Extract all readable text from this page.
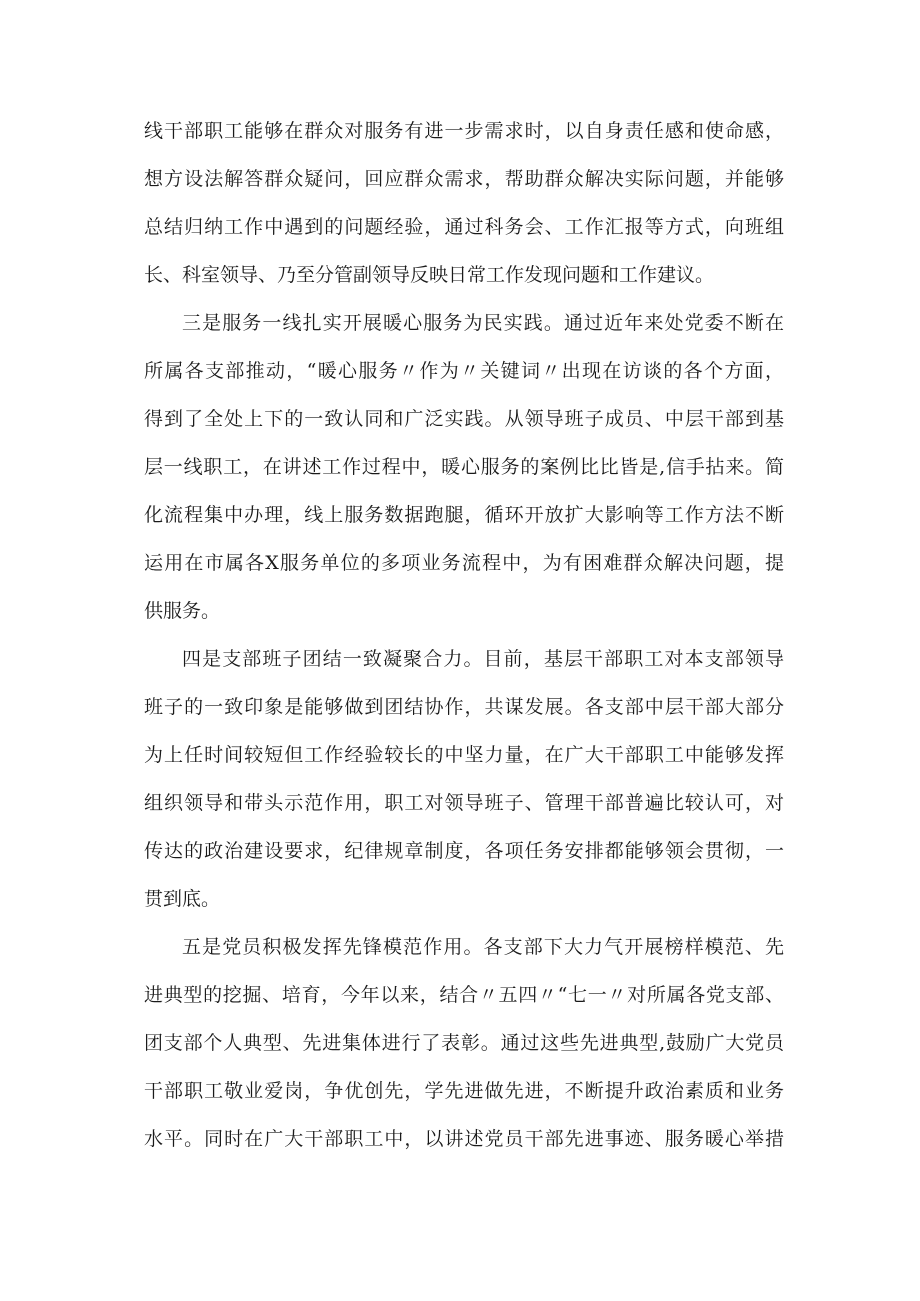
线干部职工能够在群众对服务有进一步需求时，以自身责任感和使命感，
想方设法解答群众疑问，回应群众需求，帮助群众解决实际问题，并能够
总结归纳工作中遇到的问题经验，通过科务会、工作汇报等方式，向班组
长、科室领导、乃至分管副领导反映日常工作发现问题和工作建议。
三是服务一线扎实开展暖心服务为民实践。通过近年来处党委不断在
所属各支部推动，“暖心服务〃作为〃关键词〃出现在访谈的各个方面，
得到了全处上下的一致认同和广泛实践。从领导班子成员、中层干部到基
层一线职工，在讲述工作过程中，暖心服务的案例比比皆是,信手拈来。简
化流程集中办理，线上服务数据跑腿，循环开放扩大影响等工作方法不断
运用在市属各X服务单位的多项业务流程中，为有困难群众解决问题，提
供服务。
四是支部班子团结一致凝聚合力。目前，基层干部职工对本支部领导
班子的一致印象是能够做到团结协作，共谋发展。各支部中层干部大部分
为上任时间较短但工作经验较长的中坚力量，在广大干部职工中能够发挥
组织领导和带头示范作用，职工对领导班子、管理干部普遍比较认可，对
传达的政治建设要求，纪律规章制度，各项任务安排都能够领会贯彻，一
贯到底。
五是党员积极发挥先锋模范作用。各支部下大力气开展榜样模范、先
进典型的挖掘、培育，今年以来，结合〃五四〃“七一〃对所属各党支部、
团支部个人典型、先进集体进行了表彰。通过这些先进典型,鼓励广大党员
干部职工敬业爱岗，争优创先，学先进做先进，不断提升政治素质和业务
水平。同时在广大干部职工中，以讲述党员干部先进事迹、服务暖心举措
